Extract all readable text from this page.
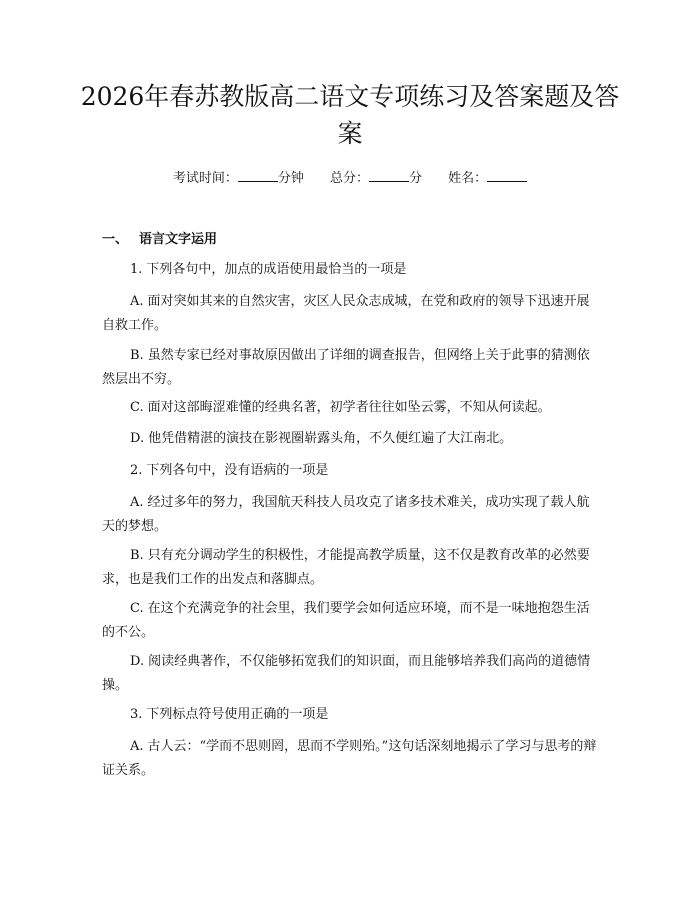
2026年春苏教版高二语文专项练习及答案题及答案
考试时间：	分钟 总分：	分 姓名：
一、 语言文字运用

1. 下列各句中，加点的成语使用最恰当的一项是

A. 面对突如其来的自然灾害，灾区人民众志成城，在党和政府的领导下迅速开展自救工作。

B. 虽然专家已经对事故原因做出了详细的调查报告，但网络上关于此事的猜测依然层出不穷。

C. 面对这部晦涩难懂的经典名著，初学者往往如坠云雾，不知从何读起。

D. 他凭借精湛的演技在影视圈崭露头角，不久便红遍了大江南北。

2. 下列各句中，没有语病的一项是

A. 经过多年的努力，我国航天科技人员攻克了诸多技术难关，成功实现了载人航天的梦想。

B. 只有充分调动学生的积极性，才能提高教学质量，这不仅是教育改革的必然要求，也是我们工作的出发点和落脚点。

C. 在这个充满竞争的社会里，我们要学会如何适应环境，而不是一味地抱怨生活的不公。

D. 阅读经典著作，不仅能够拓宽我们的知识面，而且能够培养我们高尚的道德情操。

3. 下列标点符号使用正确的一项是

A. 古人云：“学而不思则罔，思而不学则殆。”这句话深刻地揭示了学习与思考的辩证关系。
